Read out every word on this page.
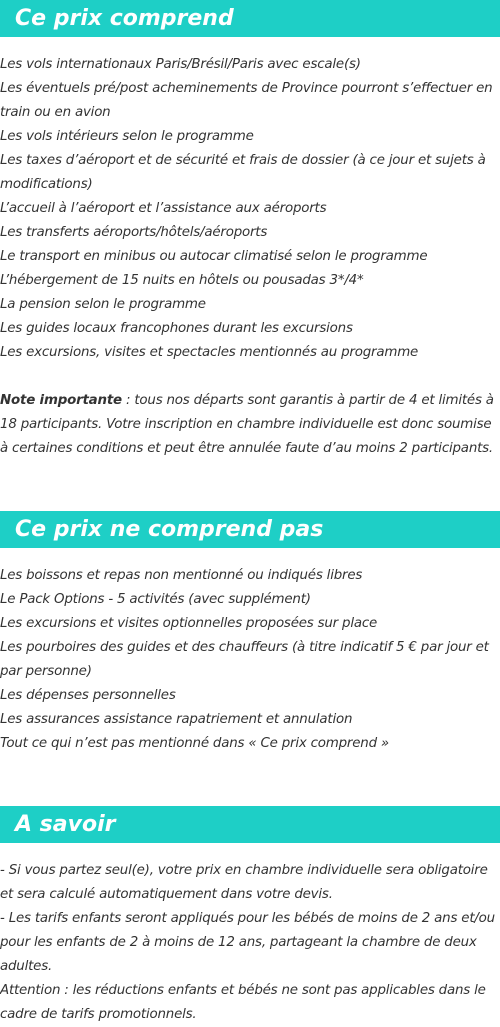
Ce prix comprend
Les vols internationaux Paris/Brésil/Paris avec escale(s)
Les éventuels pré/post acheminements de Province pourront s’effectuer en train ou en avion
Les vols intérieurs selon le programme
Les taxes d’aéroport et de sécurité et frais de dossier (à ce jour et sujets à modifications)
L’accueil à l’aéroport et l’assistance aux aéroports
Les transferts aéroports/hôtels/aéroports
Le transport en minibus ou autocar climatisé selon le programme
L’hébergement de 15 nuits en hôtels ou pousadas 3*/4*
La pension selon le programme
Les guides locaux francophones durant les excursions
Les excursions, visites et spectacles mentionnés au programme

Note importante : tous nos départs sont garantis à partir de 4 et limités à 18 participants. Votre inscription en chambre individuelle est donc soumise à certaines conditions et peut être annulée faute d’au moins 2 participants.

Ce prix ne comprend pas
Les boissons et repas non mentionné ou indiqués libres
Le Pack Options - 5 activités (avec supplément)
Les excursions et visites optionnelles proposées sur place
Les pourboires des guides et des chauffeurs (à titre indicatif 5 € par jour et par personne)
Les dépenses personnelles
Les assurances assistance rapatriement et annulation
Tout ce qui n’est pas mentionné dans « Ce prix comprend »
A savoir
- Si vous partez seul(e), votre prix en chambre individuelle sera obligatoire et sera calculé automatiquement dans votre devis.
- Les tarifs enfants seront appliqués pour les bébés de moins de 2 ans et/ou pour les enfants de 2 à moins de 12 ans, partageant la chambre de deux adultes.
Attention : les réductions enfants et bébés ne sont pas applicables dans le cadre de tarifs promotionnels.
